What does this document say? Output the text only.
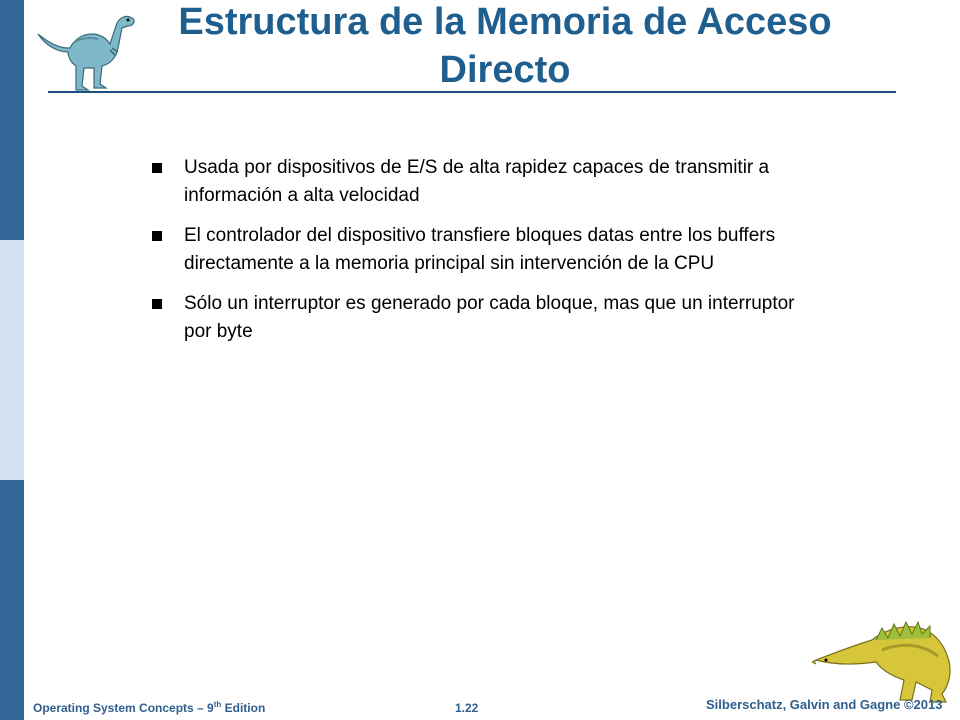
Estructura de la Memoria de Acceso Directo
Usada por dispositivos de E/S de alta rapidez capaces de transmitir a información a alta velocidad
El controlador del dispositivo transfiere bloques datas entre los buffers directamente a la memoria principal sin intervención de la CPU
Sólo un interruptor es generado por cada bloque, mas que un interruptor por byte
Operating System Concepts – 9th Edition	1.22	Silberschatz, Galvin and Gagne ©2013
